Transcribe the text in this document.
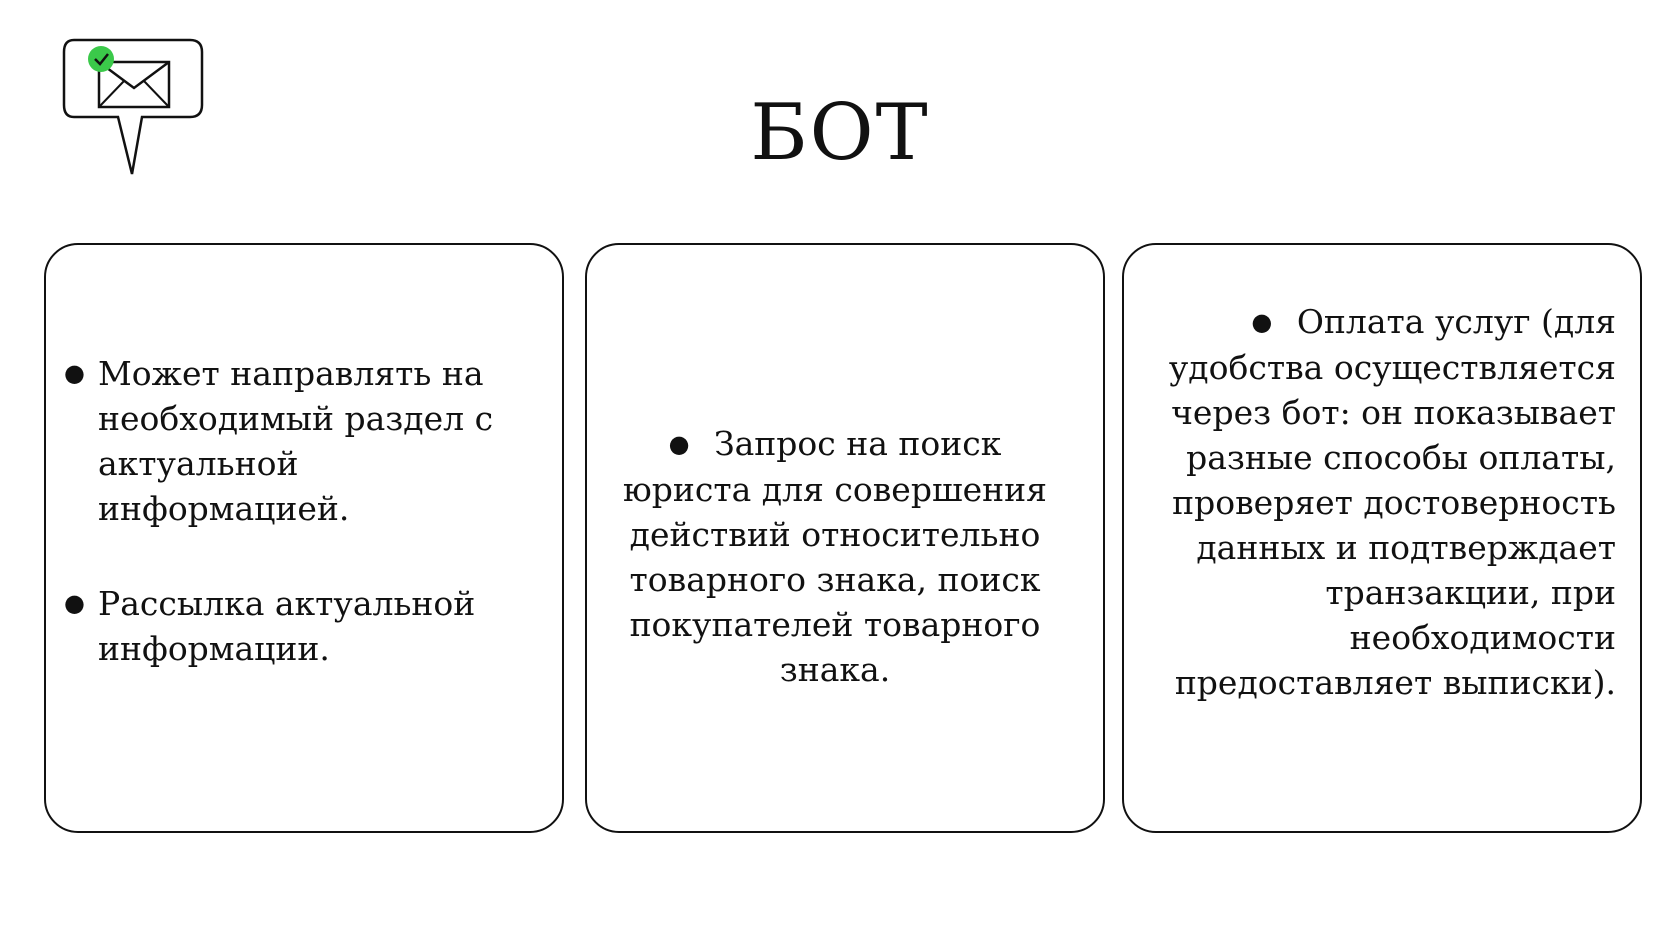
БОТ
● Может направлять на необходимый раздел с актуальной информацией.
● Рассылка актуальной информации.
● Запрос на поиск юриста для совершения действий относительно товарного знака, поиск покупателей товарного знака.
● Оплата услуг (для удобства осуществляется через бот: он показывает разные способы оплаты, проверяет достоверность данных и подтверждает транзакции, при необходимости предоставляет выписки).
